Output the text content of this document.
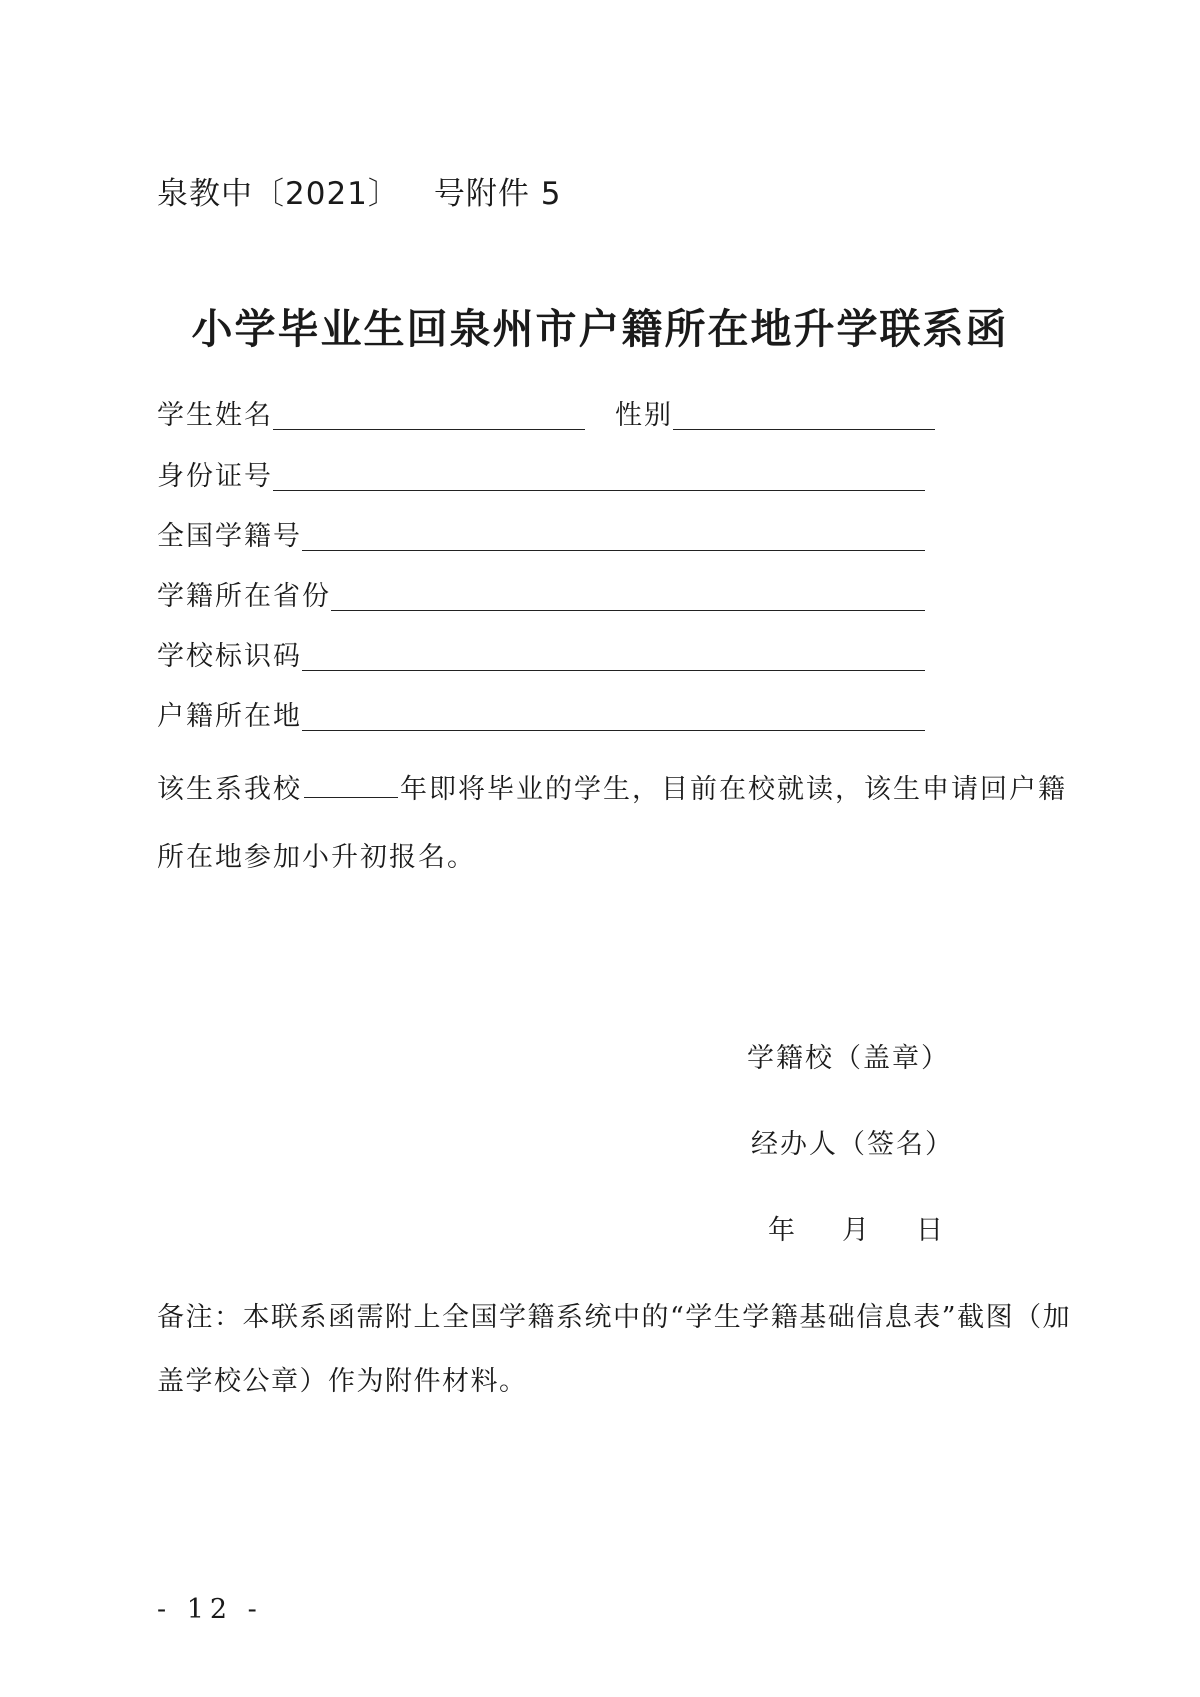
泉教中〔2021〕 号附件 5
小学毕业生回泉州市户籍所在地升学联系函
学生姓名	性别
身份证号
全国学籍号
学籍所在省份
学校标识码
户籍所在地
该生系我校	年即将毕业的学生，目前在校就读，该生申请回户籍
所在地参加小升初报名。
学籍校（盖章）
经办人（签名）
年 月 日
备注：本联系函需附上全国学籍系统中的“学生学籍基础信息表”截图（加盖学校公章）作为附件材料。
- 12 -
